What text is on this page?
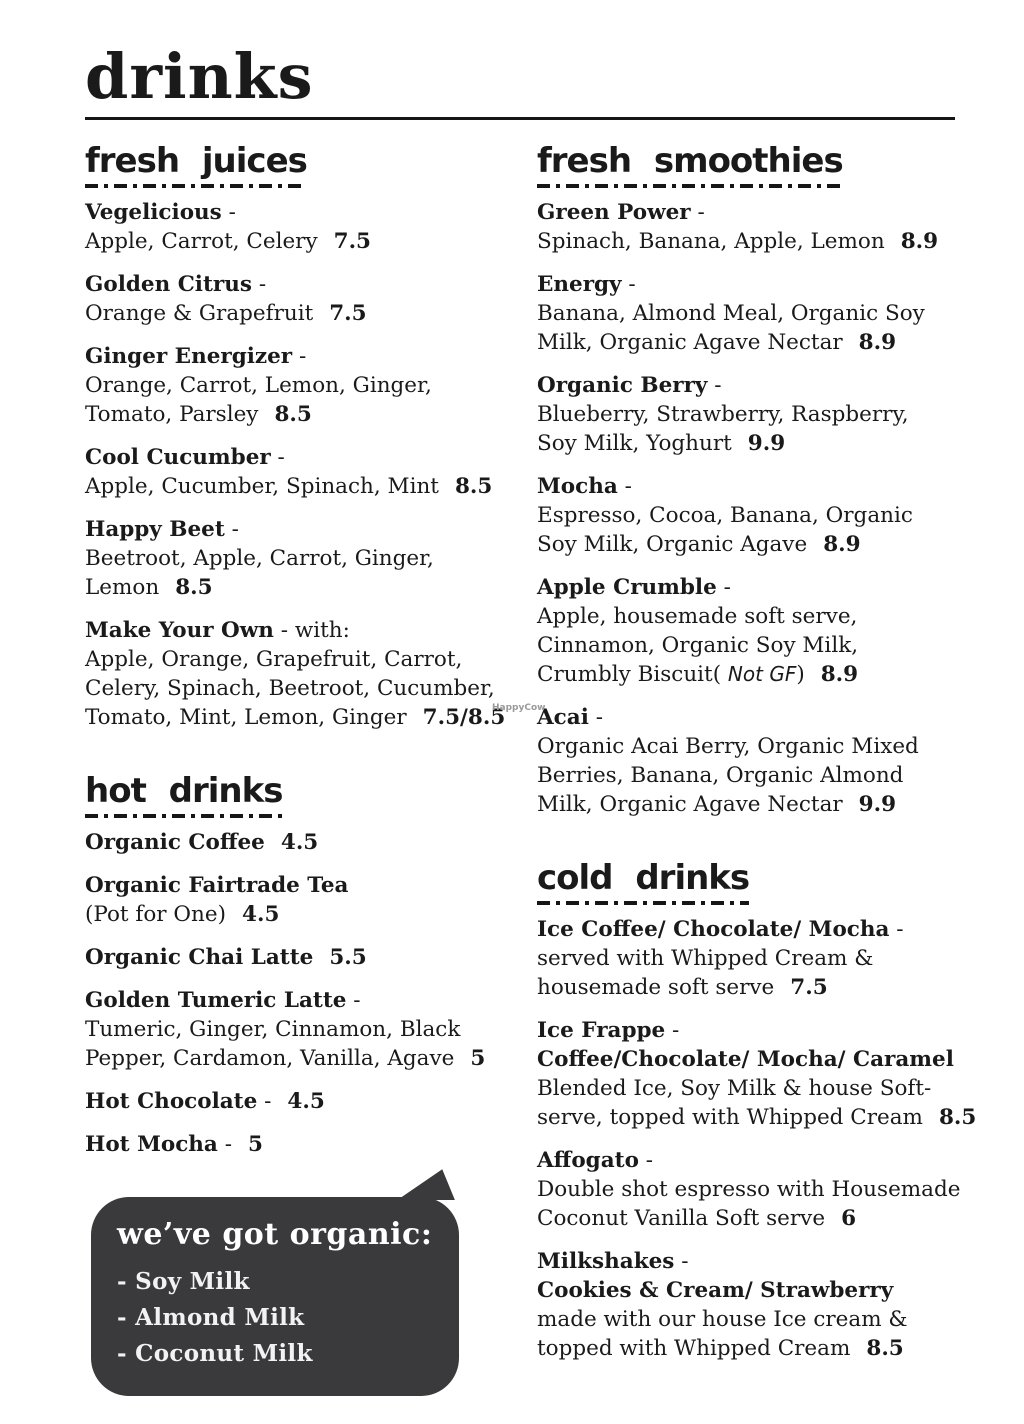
drinks
fresh juices
Vegelicious -
Apple, Carrot, Celery 7.5
Golden Citrus -
Orange & Grapefruit 7.5
Ginger Energizer -
Orange, Carrot, Lemon, Ginger,
Tomato, Parsley 8.5
Cool Cucumber -
Apple, Cucumber, Spinach, Mint 8.5
Happy Beet -
Beetroot, Apple, Carrot, Ginger,
Lemon 8.5
Make Your Own - with:
Apple, Orange, Grapefruit, Carrot,
Celery, Spinach, Beetroot, Cucumber,
Tomato, Mint, Lemon, Ginger 7.5/8.5
hot drinks
Organic Coffee 4.5
Organic Fairtrade Tea
(Pot for One) 4.5
Organic Chai Latte 5.5
Golden Tumeric Latte -
Tumeric, Ginger, Cinnamon, Black
Pepper, Cardamon, Vanilla, Agave 5
Hot Chocolate - 4.5
Hot Mocha - 5
we’ve got organic:
- Soy Milk
- Almond Milk
- Coconut Milk
fresh smoothies
Green Power -
Spinach, Banana, Apple, Lemon 8.9
Energy -
Banana, Almond Meal, Organic Soy
Milk, Organic Agave Nectar 8.9
Organic Berry -
Blueberry, Strawberry, Raspberry,
Soy Milk, Yoghurt 9.9
Mocha -
Espresso, Cocoa, Banana, Organic
Soy Milk, Organic Agave 8.9
Apple Crumble -
Apple, housemade soft serve,
Cinnamon, Organic Soy Milk,
Crumbly Biscuit( Not GF) 8.9
Acai -
Organic Acai Berry, Organic Mixed
Berries, Banana, Organic Almond
Milk, Organic Agave Nectar 9.9
cold drinks
Ice Coffee/ Chocolate/ Mocha -
served with Whipped Cream &
housemade soft serve 7.5
Ice Frappe -
Coffee/Chocolate/ Mocha/ Caramel
Blended Ice, Soy Milk & house Soft-
serve, topped with Whipped Cream 8.5
Affogato -
Double shot espresso with Housemade
Coconut Vanilla Soft serve 6
Milkshakes -
Cookies & Cream/ Strawberry
made with our house Ice cream &
topped with Whipped Cream 8.5
HappyCow
